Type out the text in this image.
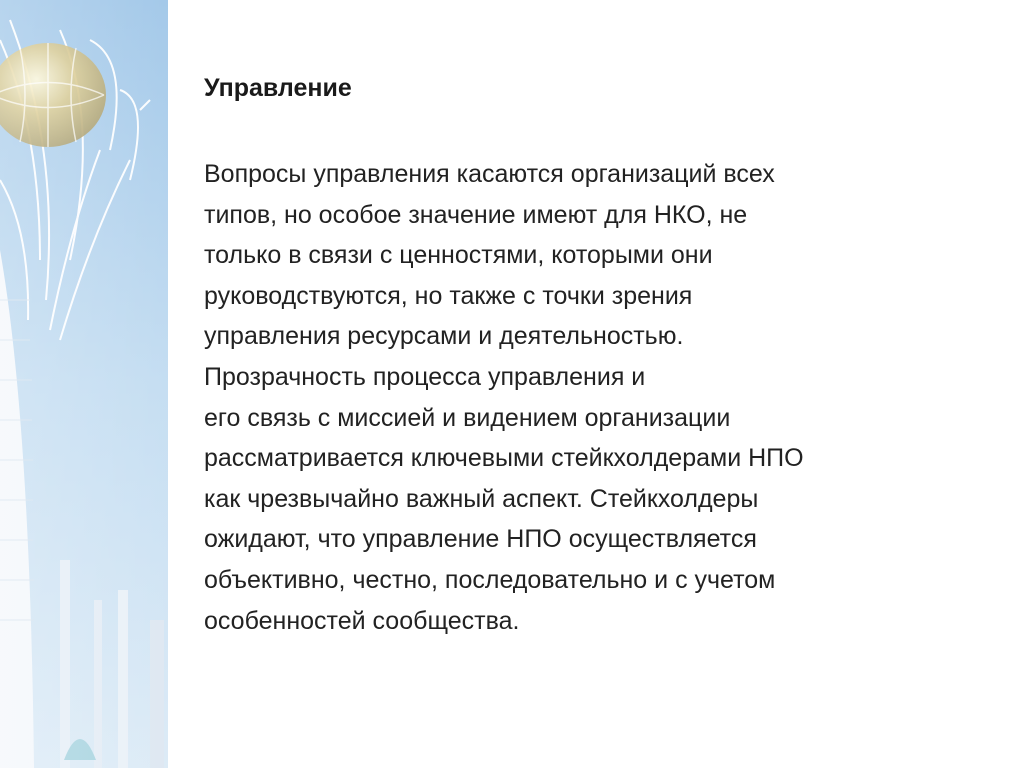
Управление
Вопросы управления касаются организаций всех
типов, но особое значение имеют для НКО, не
только в связи с ценностями, которыми они
руководствуются, но также с точки зрения
управления ресурсами и деятельностью.
Прозрачность процесса управления и
его связь с миссией и видением организации
рассматривается ключевыми стейкхолдерами НПО
как чрезвычайно важный аспект. Стейкхолдеры
ожидают, что управление НПО осуществляется
объективно, честно, последовательно и с учетом
особенностей сообщества.
